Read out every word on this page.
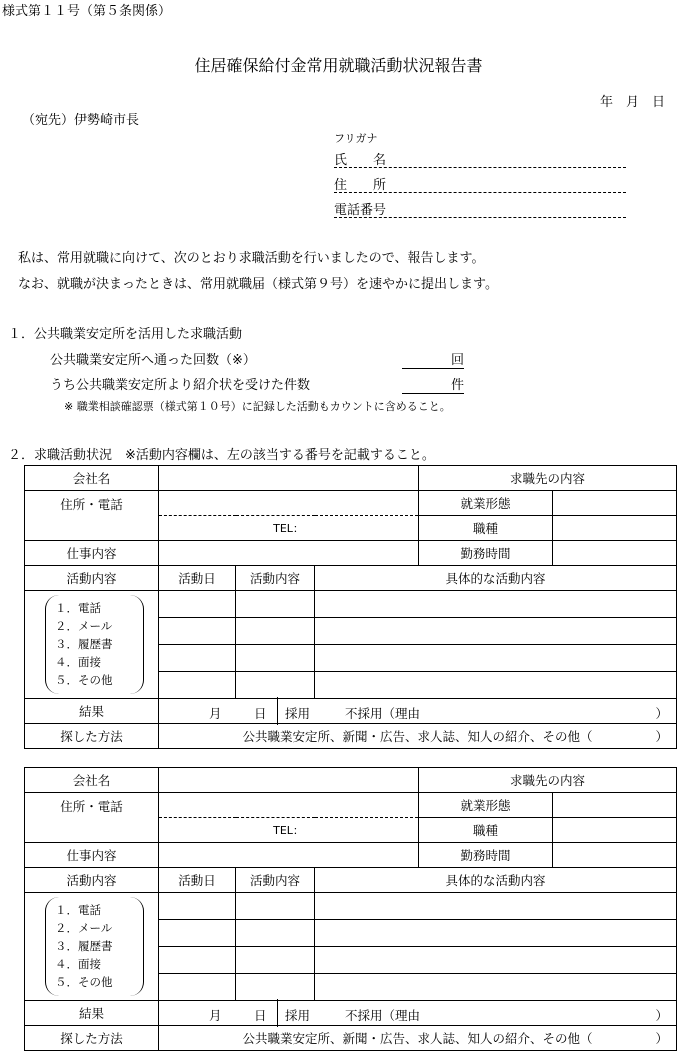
様式第１１号（第５条関係）
住居確保給付金常用就職活動状況報告書
年　月　日
（宛先）伊勢崎市長
フリガナ
氏　　名
住　　所
電話番号
私は、常用就職に向けて、次のとおり求職活動を行いましたので、報告します。
なお、就職が決まったときは、常用就職届（様式第９号）を速やかに提出します。
１．公共職業安定所を活用した求職活動
公共職業安定所へ通った回数（※）	回
うち公共職業安定所より紹介状を受けた件数	件
※ 職業相談確認票（様式第１０号）に記録した活動もカウントに含めること。
２．求職活動状況　※活動内容欄は、左の該当する番号を記載すること。
会社名				求職先の内容	
住所・電話				就業形態	
	TEL：			職種	
仕事内容				勤務時間	
活動内容	活動日	活動内容	具体的な活動内容		

１．電話
２．メール
３．履歴書
４．面接
５．その他					

結果	月 日 採用 不採用（理由 ）				

探した方法	公共職業安定所、新聞・広告、求人誌、知人の紹介、その他（ ）				
会社名				求職先の内容	
住所・電話				就業形態	
	TEL：			職種	
仕事内容				勤務時間	
活動内容	活動日	活動内容	具体的な活動内容		

１．電話
２．メール
３．履歴書
４．面接
５．その他					

結果	月 日 採用 不採用（理由 ）				

探した方法	公共職業安定所、新聞・広告、求人誌、知人の紹介、その他（ ）				
